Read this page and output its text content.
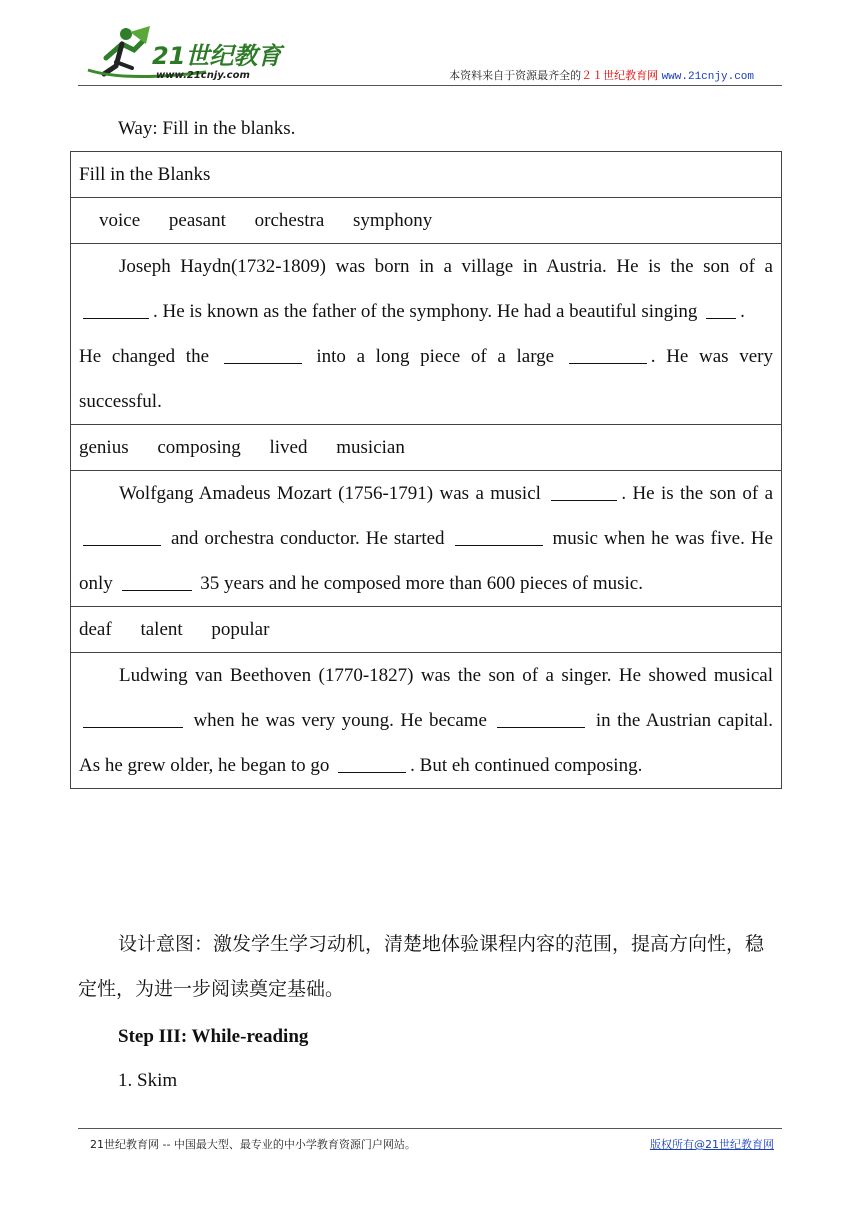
21世纪教育
www.21cnjy.com	本资料来自于资源最齐全的２１世纪教育网 www.21cnjy.com
Way: Fill in the blanks.
Fill in the Blanks
voice peasant orchestra symphony

Joseph Haydn(1732-1809) was born in a village in Austria. He is the son of a . He is known as the father of the symphony. He had a beautiful singing .

He changed the	into a long piece of a large	. He was very successful.

genius composing lived musician

Wolfgang Amadeus Mozart (1756-1791) was a musicl	. He is the son of a  and orchestra conductor. He started	music when he was five. He only	35 years and he composed more than 600 pieces of music.

deaf talent popular

Ludwing van Beethoven (1770-1827) was the son of a singer. He showed musical  when he was very young. He became	in the Austrian capital. As he grew older, he began to go	. But eh continued composing.

设计意图：激发学生学习动机，清楚地体验课程内容的范围，提高方向性，稳定性，为进一步阅读奠定基础。
Step III: While-reading
1. Skim
21世纪教育网 -- 中国最大型、最专业的中小学教育资源门户网站。	版权所有@21世纪教育网
